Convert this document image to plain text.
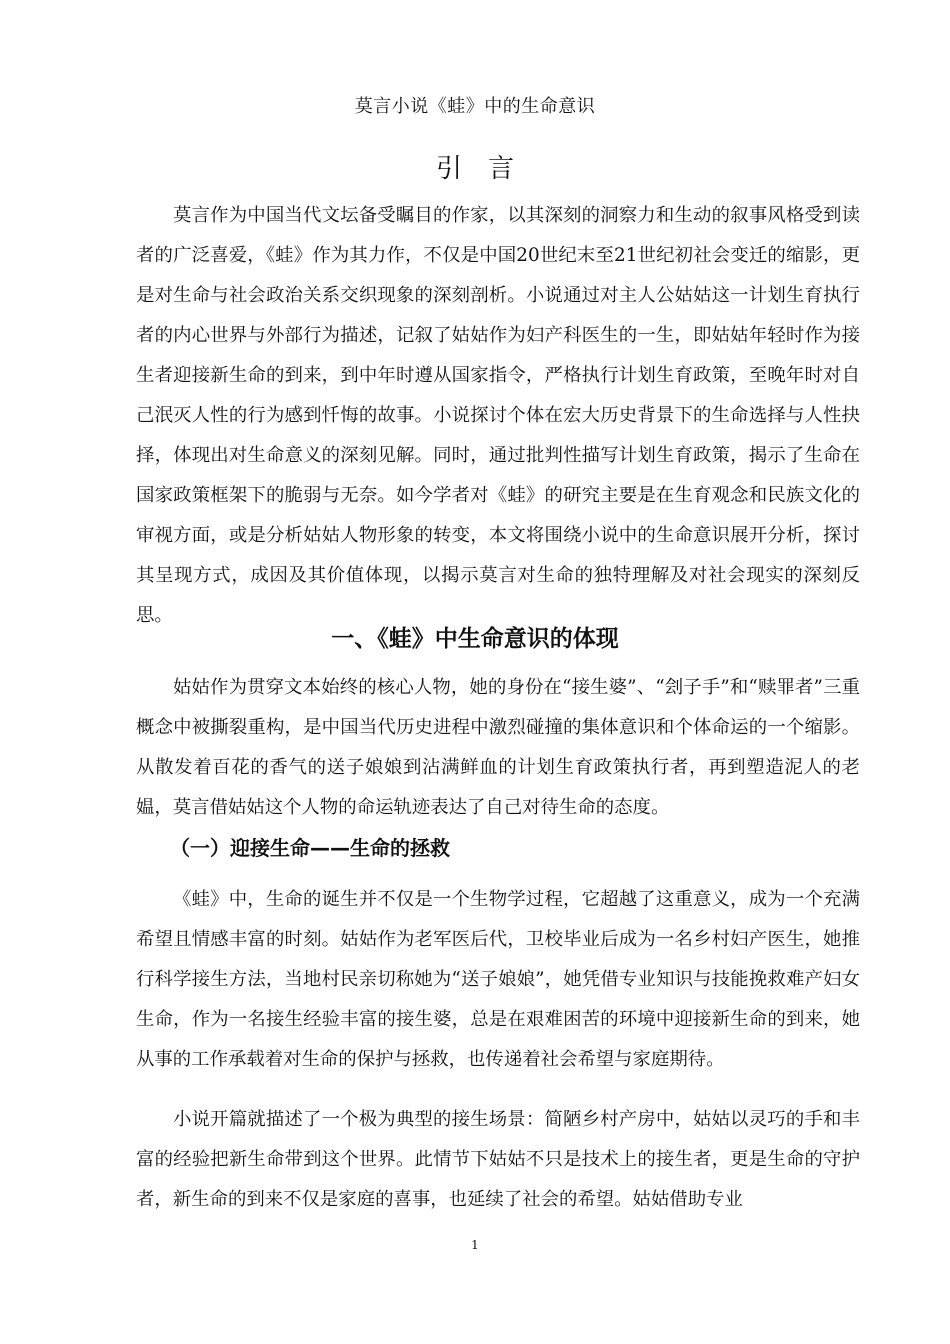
莫言小说《蛙》中的生命意识
引言

莫言作为中国当代文坛备受瞩目的作家，以其深刻的洞察力和生动的叙事风格受到读者的广泛喜爱，《蛙》作为其力作，不仅是中国20世纪末至21世纪初社会变迁的缩影，更是对生命与社会政治关系交织现象的深刻剖析。小说通过对主人公姑姑这一计划生育执行者的内心世界与外部行为描述，记叙了姑姑作为妇产科医生的一生，即姑姑年轻时作为接生者迎接新生命的到来，到中年时遵从国家指令，严格执行计划生育政策，至晚年时对自己泯灭人性的行为感到忏悔的故事。小说探讨个体在宏大历史背景下的生命选择与人性抉择，体现出对生命意义的深刻见解。同时，通过批判性描写计划生育政策，揭示了生命在国家政策框架下的脆弱与无奈。如今学者对《蛙》的研究主要是在生育观念和民族文化的审视方面，或是分析姑姑人物形象的转变，本文将围绕小说中的生命意识展开分析，探讨其呈现方式，成因及其价值体现，以揭示莫言对生命的独特理解及对社会现实的深刻反思。

一、《蛙》中生命意识的体现

姑姑作为贯穿文本始终的核心人物，她的身份在“接生婆”、“刽子手”和“赎罪者”三重概念中被撕裂重构，是中国当代历史进程中激烈碰撞的集体意识和个体命运的一个缩影。从散发着百花的香气的送子娘娘到沾满鲜血的计划生育政策执行者，再到塑造泥人的老媪，莫言借姑姑这个人物的命运轨迹表达了自己对待生命的态度。

（一）迎接生命——生命的拯救

《蛙》中，生命的诞生并不仅是一个生物学过程，它超越了这重意义，成为一个充满希望且情感丰富的时刻。姑姑作为老军医后代，卫校毕业后成为一名乡村妇产医生，她推行科学接生方法，当地村民亲切称她为“送子娘娘”，她凭借专业知识与技能挽救难产妇女生命，作为一名接生经验丰富的接生婆，总是在艰难困苦的环境中迎接新生命的到来，她从事的工作承载着对生命的保护与拯救，也传递着社会希望与家庭期待。

小说开篇就描述了一个极为典型的接生场景：简陋乡村产房中，姑姑以灵巧的手和丰富的经验把新生命带到这个世界。此情节下姑姑不只是技术上的接生者，更是生命的守护者，新生命的到来不仅是家庭的喜事，也延续了社会的希望。姑姑借助专业

1
